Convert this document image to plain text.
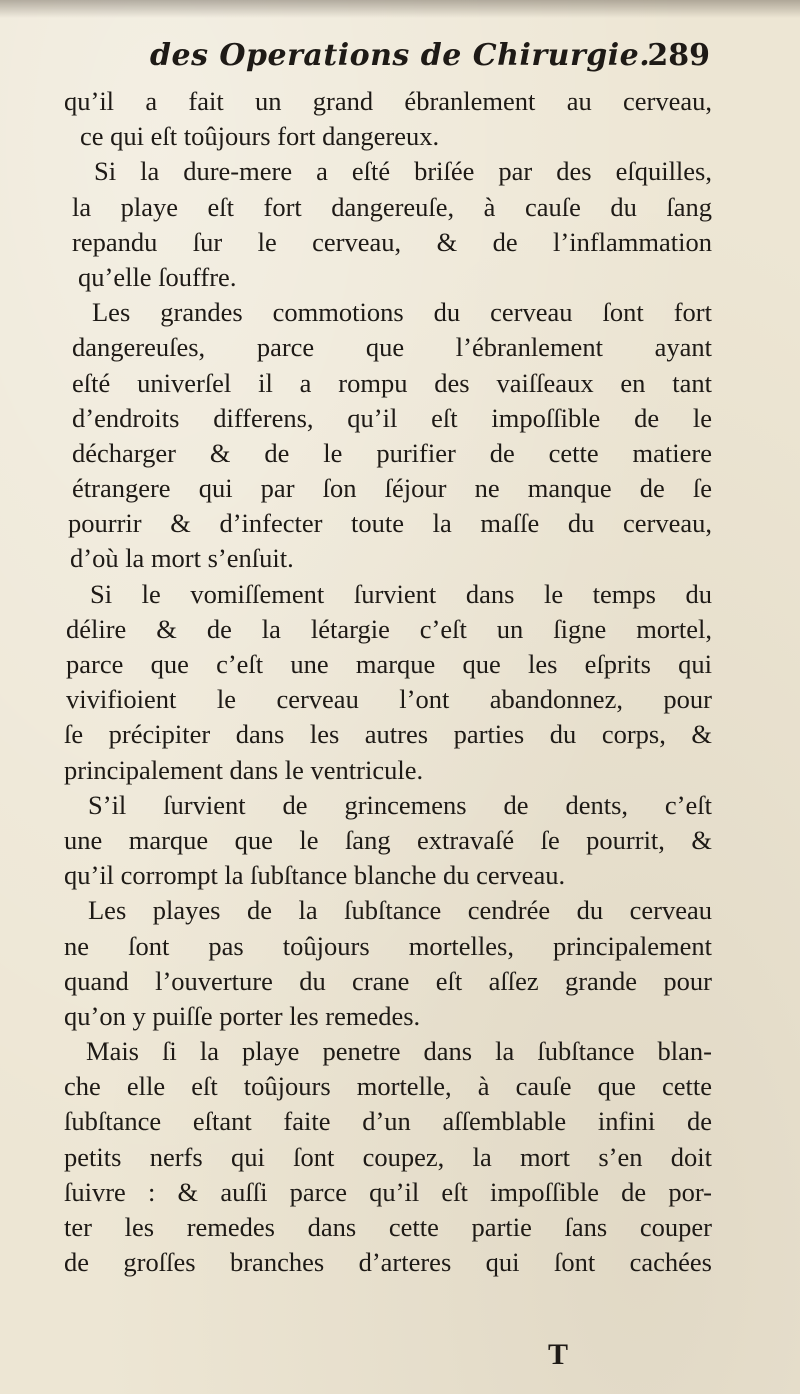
des Operations de Chirurgie.
289
qu’il a fait un grand ébranlement au cerveau,
ce qui eſt toûjours fort dangereux.
Si la dure-mere a eſté briſée par des eſquilles,
la playe eſt fort dangereuſe, à cauſe du ſang
repandu ſur le cerveau, & de l’inflammation
qu’elle ſouffre.
Les grandes commotions du cerveau ſont fort
dangereuſes, parce que l’ébranlement ayant
eſté univerſel il a rompu des vaiſſeaux en tant
d’endroits differens, qu’il eſt impoſſible de le
décharger & de le purifier de cette matiere
étrangere qui par ſon ſéjour ne manque de ſe
pourrir & d’infecter toute la maſſe du cerveau,
d’où la mort s’enſuit.
Si le vomiſſement ſurvient dans le temps du
délire & de la létargie c’eſt un ſigne mortel,
parce que c’eſt une marque que les eſprits qui
vivifioient le cerveau l’ont abandonnez, pour
ſe précipiter dans les autres parties du corps, &
principalement dans le ventricule.
S’il ſurvient de grincemens de dents, c’eſt
une marque que le ſang extravaſé ſe pourrit, &
qu’il corrompt la ſubſtance blanche du cerveau.
Les playes de la ſubſtance cendrée du cerveau
ne ſont pas toûjours mortelles, principalement
quand l’ouverture du crane eſt aſſez grande pour
qu’on y puiſſe porter les remedes.
Mais ſi la playe penetre dans la ſubſtance blan-
che elle eſt toûjours mortelle, à cauſe que cette
ſubſtance eſtant faite d’un aſſemblable infini de
petits nerfs qui ſont coupez, la mort s’en doit
ſuivre : & auſſi parce qu’il eſt impoſſible de por-
ter les remedes dans cette partie ſans couper
de groſſes branches d’arteres qui ſont cachées
T
